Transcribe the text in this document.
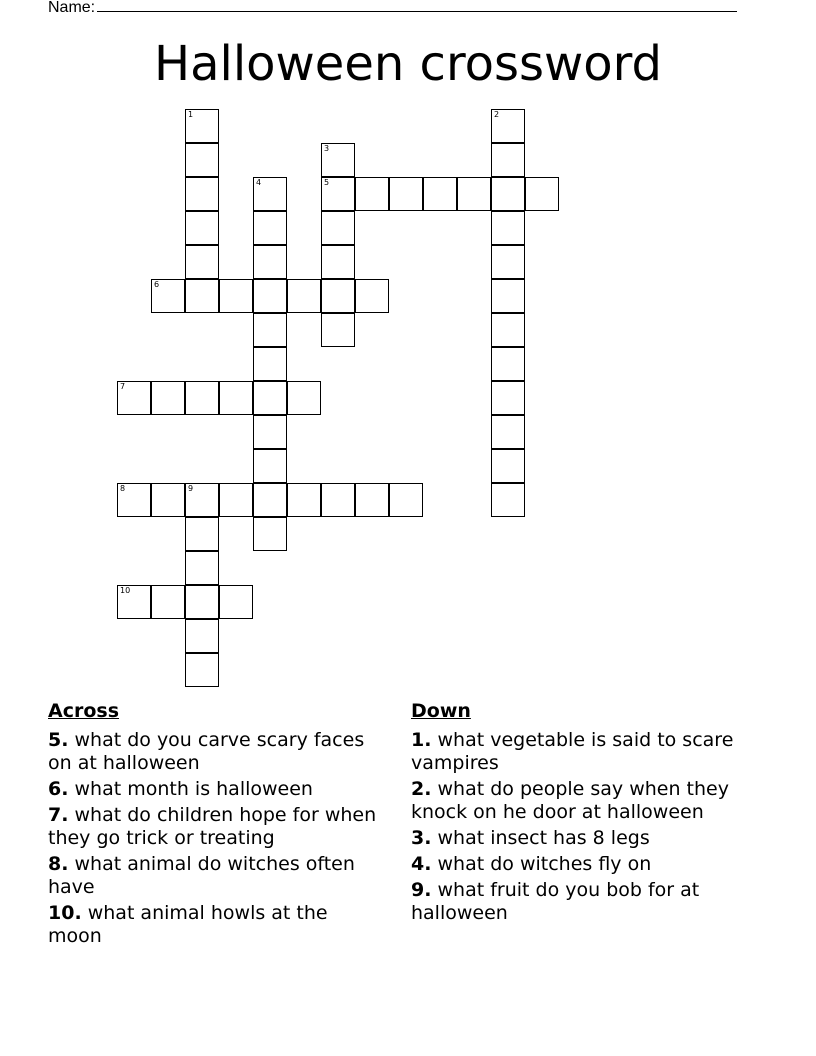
Name:
Halloween crossword
1	2
3
5
4
6
7
8	9
10
Across
5. what do you carve scary faces on at halloween
6. what month is halloween
7. what do children hope for when they go trick or treating
8. what animal do witches often have
10. what animal howls at the moon
Down
1. what vegetable is said to scare vampires
2. what do people say when they knock on he door at halloween
3. what insect has 8 legs
4. what do witches fly on
9. what fruit do you bob for at halloween
